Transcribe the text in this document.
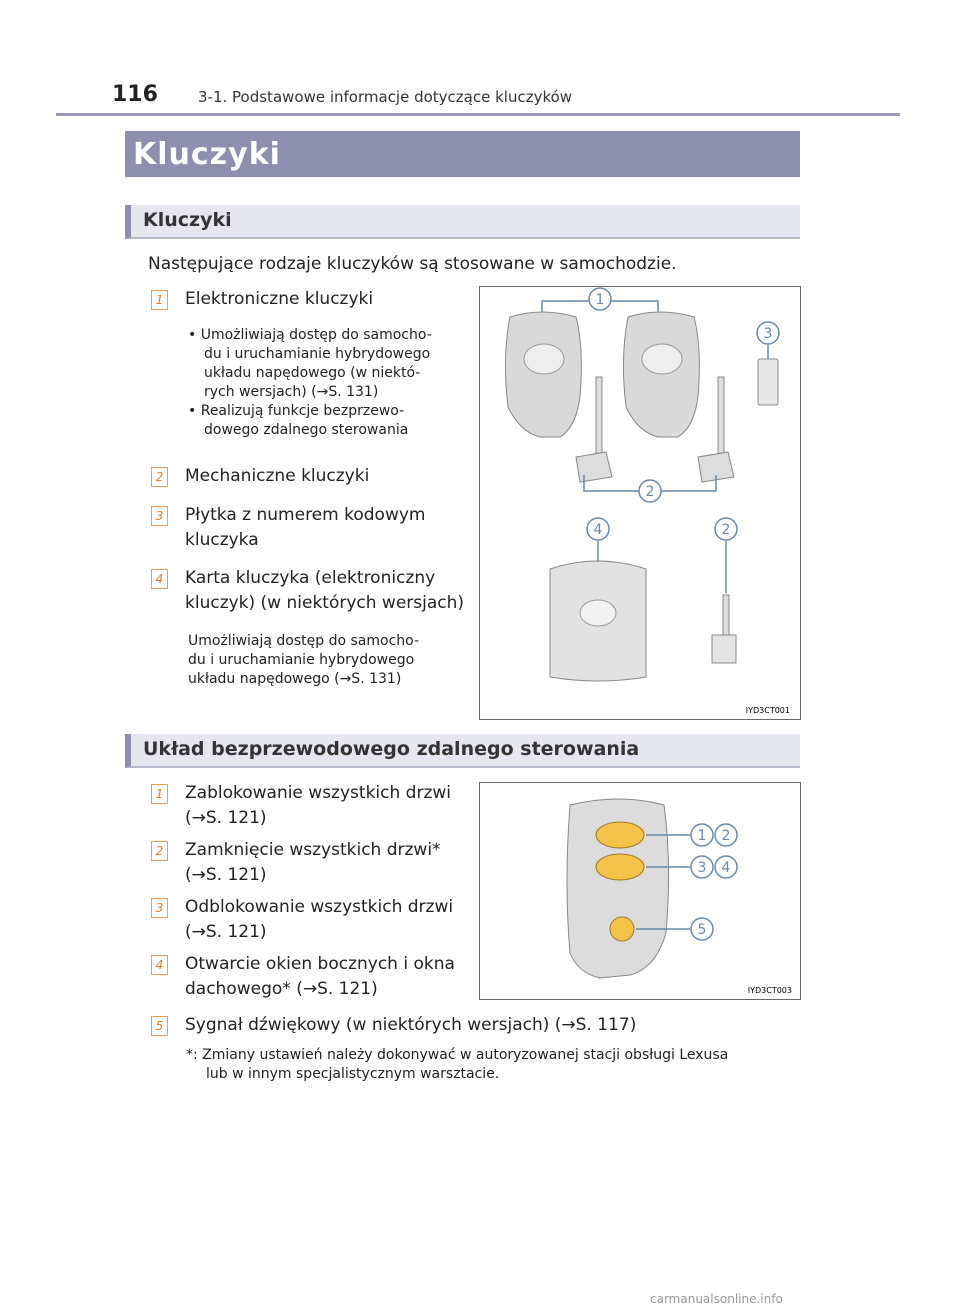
116	3-1. Podstawowe informacje dotyczące kluczyków
Kluczyki
Kluczyki
Następujące rodzaje kluczyków są stosowane w samochodzie.
1 Elektroniczne kluczyki
• Umożliwiają dostęp do samocho-
du i uruchamianie hybrydowego
układu napędowego (w niektó-
rych wersjach) (→S. 131)
• Realizują funkcje bezprzewo-
dowego zdalnego sterowania
2 Mechaniczne kluczyki
3 Płytka z numerem kodowym
kluczyka
4 Karta kluczyka (elektroniczny
kluczyk) (w niektórych wersjach)
Umożliwiają dostęp do samocho-
du i uruchamianie hybrydowego
układu napędowego (→S. 131)
1
2
3
4	2
IYD3CT001
Układ bezprzewodowego zdalnego sterowania
1 Zablokowanie wszystkich drzwi
(→S. 121)
2 Zamknięcie wszystkich drzwi*
(→S. 121)
3 Odblokowanie wszystkich drzwi
(→S. 121)
4 Otwarcie okien bocznych i okna
dachowego* (→S. 121)
5 Sygnał dźwiękowy (w niektórych wersjach) (→S. 117)
*: Zmiany ustawień należy dokonywać w autoryzowanej stacji obsługi Lexusa
lub w innym specjalistycznym warsztacie.
1 2
3 4
5
IYD3CT003
carmanualsonline.info
